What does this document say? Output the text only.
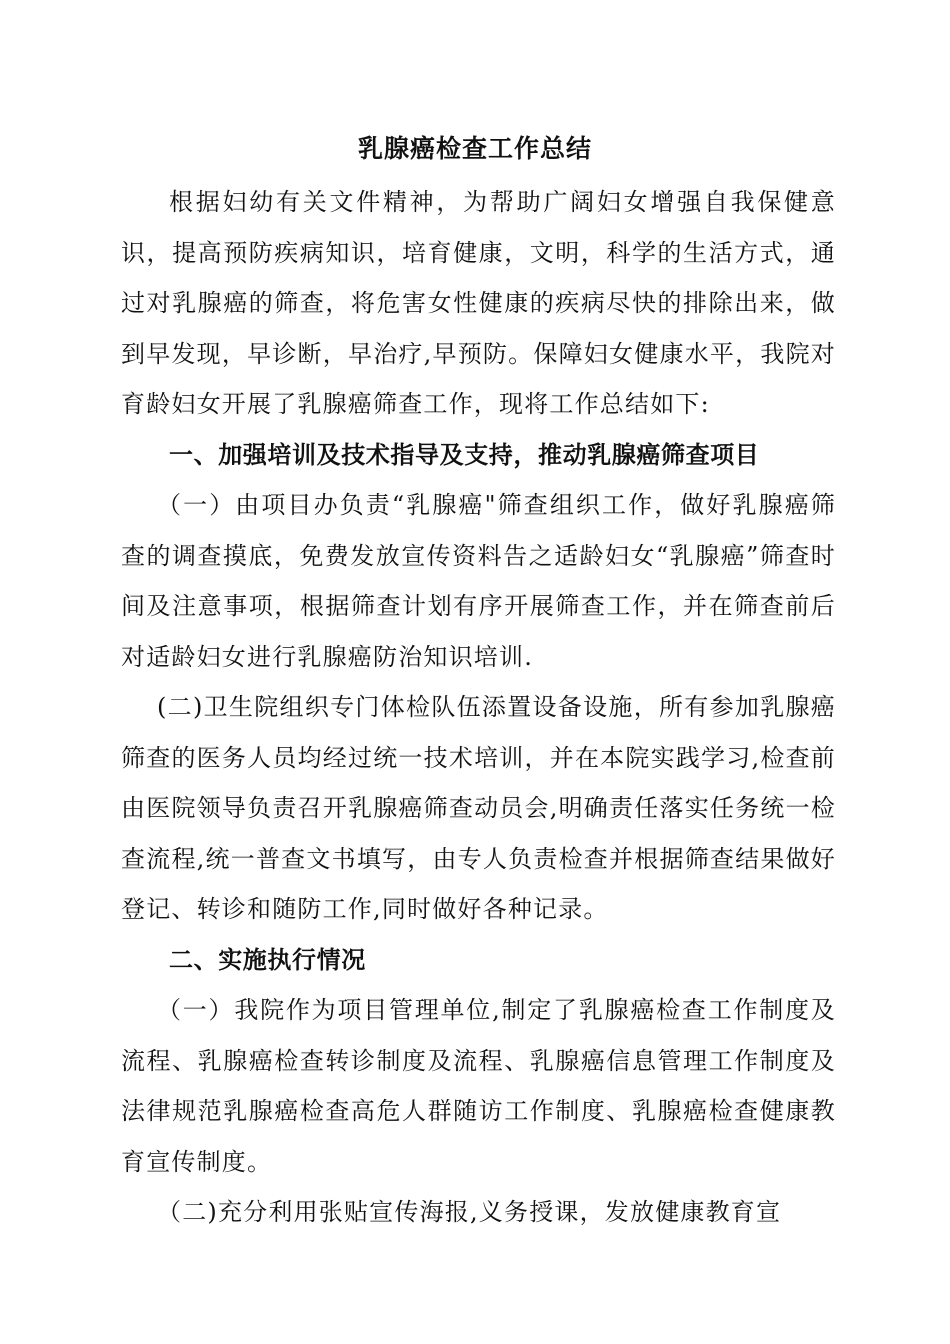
乳腺癌检查工作总结

根据妇幼有关文件精神，为帮助广阔妇女增强自我保健意识，提高预防疾病知识，培育健康，文明，科学的生活方式，通过对乳腺癌的筛查，将危害女性健康的疾病尽快的排除出来，做到早发现，早诊断，早治疗,早预防。保障妇女健康水平，我院对育龄妇女开展了乳腺癌筛查工作，现将工作总结如下:

一、加强培训及技术指导及支持，推动乳腺癌筛查项目

（一）由项目办负责“乳腺癌"筛查组织工作，做好乳腺癌筛查的调查摸底，免费发放宣传资料告之适龄妇女“乳腺癌”筛查时间及注意事项，根据筛查计划有序开展筛查工作，并在筛查前后对适龄妇女进行乳腺癌防治知识培训.

(二)卫生院组织专门体检队伍添置设备设施，所有参加乳腺癌筛查的医务人员均经过统一技术培训，并在本院实践学习,检查前由医院领导负责召开乳腺癌筛查动员会,明确责任落实任务统一检查流程,统一普查文书填写，由专人负责检查并根据筛查结果做好登记、转诊和随防工作,同时做好各种记录。

二、实施执行情况

（一）我院作为项目管理单位,制定了乳腺癌检查工作制度及流程、乳腺癌检查转诊制度及流程、乳腺癌信息管理工作制度及法律规范乳腺癌检查高危人群随访工作制度、乳腺癌检查健康教育宣传制度。

（二)充分利用张贴宣传海报,义务授课，发放健康教育宣
